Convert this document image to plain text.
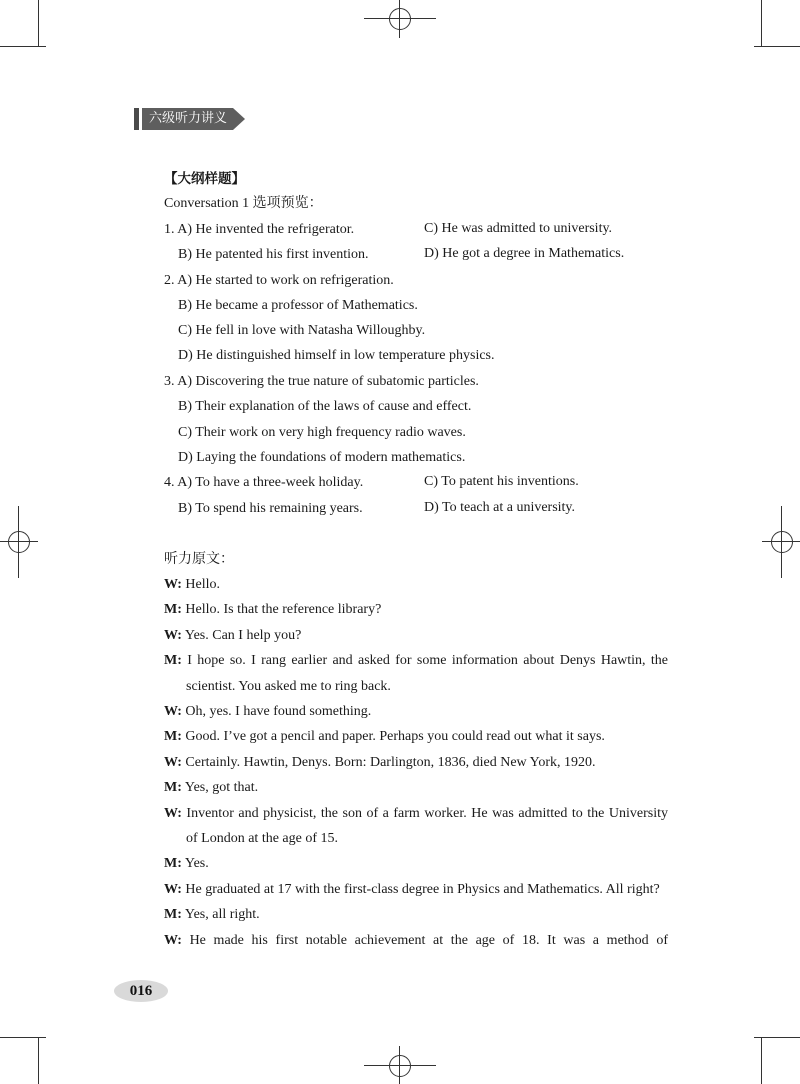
六级听力讲义
【大纲样题】
Conversation 1 选项预览：
1. A) He invented the refrigerator.	C) He was admitted to university.
B) He patented his first invention.	D) He got a degree in Mathematics.
2. A) He started to work on refrigeration.
B) He became a professor of Mathematics.
C) He fell in love with Natasha Willoughby.
D) He distinguished himself in low temperature physics.
3. A) Discovering the true nature of subatomic particles.
B) Their explanation of the laws of cause and effect.
C) Their work on very high frequency radio waves.
D) Laying the foundations of modern mathematics.
4. A) To have a three-week holiday.	C) To patent his inventions.
B) To spend his remaining years.	D) To teach at a university.
听力原文：
W: Hello.
M: Hello. Is that the reference library?
W: Yes. Can I help you?
M: I hope so. I rang earlier and asked for some information about Denys Hawtin, the
scientist. You asked me to ring back.
W: Oh, yes. I have found something.
M: Good. I’ve got a pencil and paper. Perhaps you could read out what it says.
W: Certainly. Hawtin, Denys. Born: Darlington, 1836, died New York, 1920.
M: Yes, got that.
W: Inventor and physicist, the son of a farm worker. He was admitted to the University
of London at the age of 15.
M: Yes.
W: He graduated at 17 with the first-class degree in Physics and Mathematics. All right?
M: Yes, all right.
W: He made his first notable achievement at the age of 18. It was a method of
016
